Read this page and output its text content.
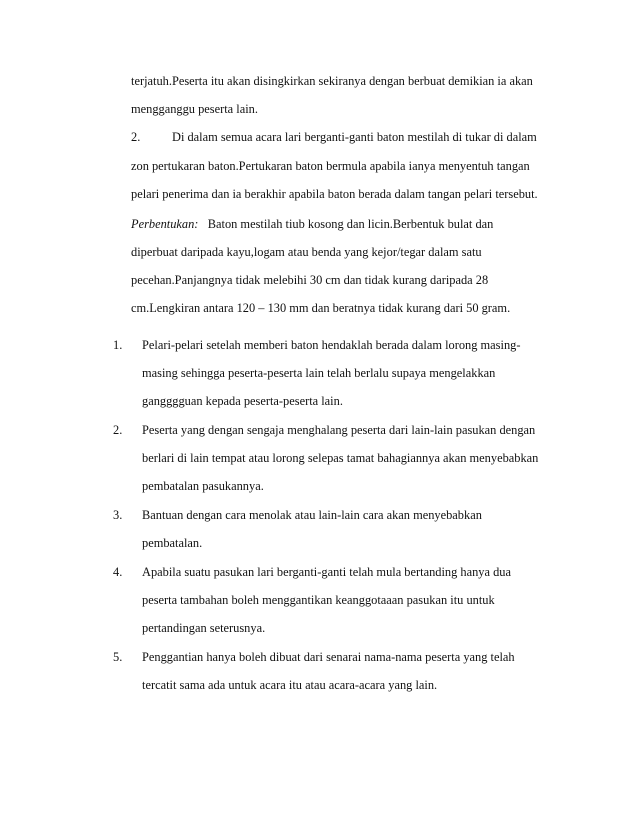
terjatuh.Peserta itu akan disingkirkan sekiranya dengan berbuat demikian ia akan
mengganggu peserta lain.
2.	Di dalam semua acara lari berganti-ganti baton mestilah di tukar di dalam
zon pertukaran baton.Pertukaran baton bermula apabila ianya menyentuh tangan
pelari penerima dan ia berakhir apabila baton berada dalam tangan pelari tersebut.
Perbentukan: Baton mestilah tiub kosong dan licin.Berbentuk bulat dan
diperbuat daripada kayu,logam atau benda yang kejor/tegar dalam satu
pecehan.Panjangnya tidak melebihi 30 cm dan tidak kurang daripada 28
cm.Lengkiran antara 120 – 130 mm dan beratnya tidak kurang dari 50 gram.
1. Pelari-pelari setelah memberi baton hendaklah berada dalam lorong masing-
masing sehingga peserta-peserta lain telah berlalu supaya mengelakkan
gangggguan kepada peserta-peserta lain.
2. Peserta yang dengan sengaja menghalang peserta dari lain-lain pasukan dengan
berlari di lain tempat atau lorong selepas tamat bahagiannya akan menyebabkan
pembatalan pasukannya.
3. Bantuan dengan cara menolak atau lain-lain cara akan menyebabkan
pembatalan.
4. Apabila suatu pasukan lari berganti-ganti telah mula bertanding hanya dua
peserta tambahan boleh menggantikan keanggotaaan pasukan itu untuk
pertandingan seterusnya.
5. Penggantian hanya boleh dibuat dari senarai nama-nama peserta yang telah
tercatit sama ada untuk acara itu atau acara-acara yang lain.
